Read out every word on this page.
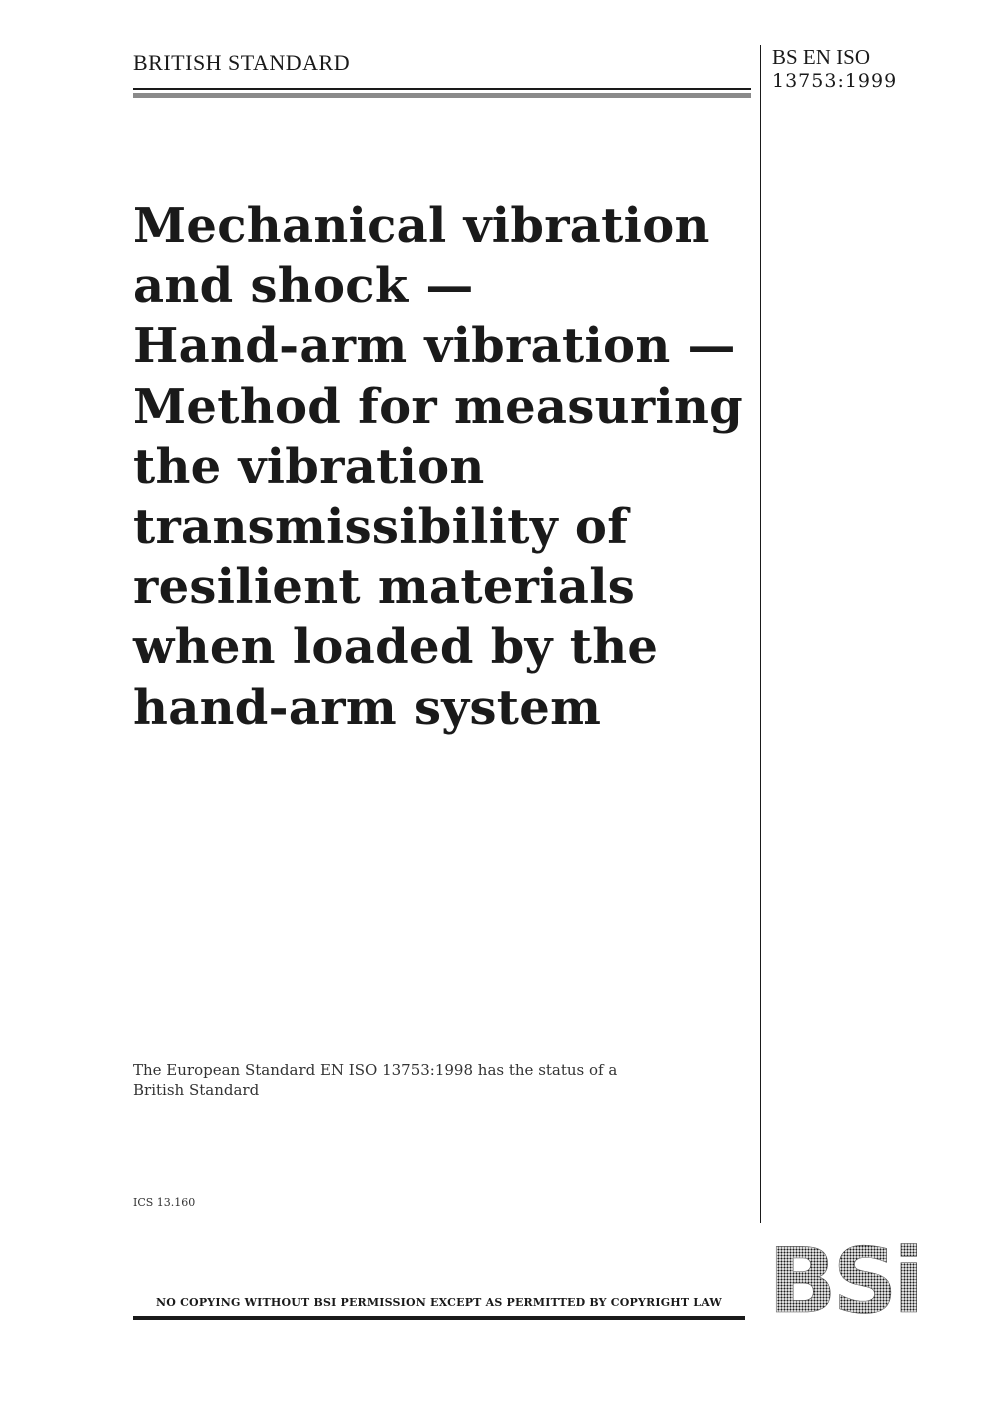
BRITISH STANDARD	BS EN ISO
13753:1999
Mechanical vibration
and shock —
Hand-arm vibration —
Method for measuring
the vibration
transmissibility of
resilient materials
when loaded by the
hand-arm system
The European Standard EN ISO 13753:1998 has the status of a
British Standard
ICS 13.160
NO COPYING WITHOUT BSI PERMISSION EXCEPT AS PERMITTED BY COPYRIGHT LAW BSi
